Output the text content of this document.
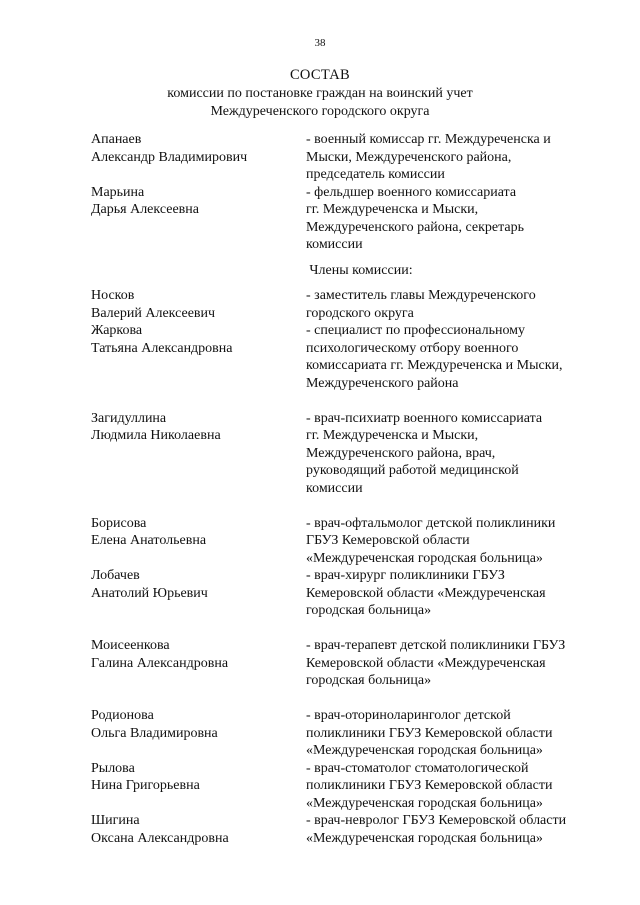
38
СОСТАВ
комиссии по постановке граждан на воинский учет
Междуреченского городского округа
Апанаев
Александр Владимирович
- военный комиссар гг. Междуреченска и
Мыски, Междуреченского района,
председатель комиссии
Марьина
Дарья Алексеевна
- фельдшер военного комиссариата
гг. Междуреченска и Мыски,
Междуреченского района, секретарь
комиссии
Члены комиссии:
Носков
Валерий Алексеевич
- заместитель главы Междуреченского
городского округа
Жаркова
Татьяна Александровна
- специалист по профессиональному
психологическому отбору военного
комиссариата гг. Междуреченска и Мыски,
Междуреченского района
Загидуллина
Людмила Николаевна
- врач-психиатр военного комиссариата
гг. Междуреченска и Мыски,
Междуреченского района, врач,
руководящий работой медицинской
комиссии
Борисова
Елена Анатольевна
- врач-офтальмолог детской поликлиники
ГБУЗ Кемеровской области
«Междуреченская городская больница»
Лобачев
Анатолий Юрьевич
- врач-хирург поликлиники ГБУЗ
Кемеровской области «Междуреченская
городская больница»
Моисеенкова
Галина Александровна
- врач-терапевт детской поликлиники ГБУЗ
Кемеровской области «Междуреченская
городская больница»
Родионова
Ольга Владимировна
- врач-оториноларинголог детской
поликлиники ГБУЗ Кемеровской области
«Междуреченская городская больница»
Рылова
Нина Григорьевна
- врач-стоматолог стоматологической
поликлиники ГБУЗ Кемеровской области
«Междуреченская городская больница»
Шигина
Оксана Александровна
- врач-невролог ГБУЗ Кемеровской области
«Междуреченская городская больница»
